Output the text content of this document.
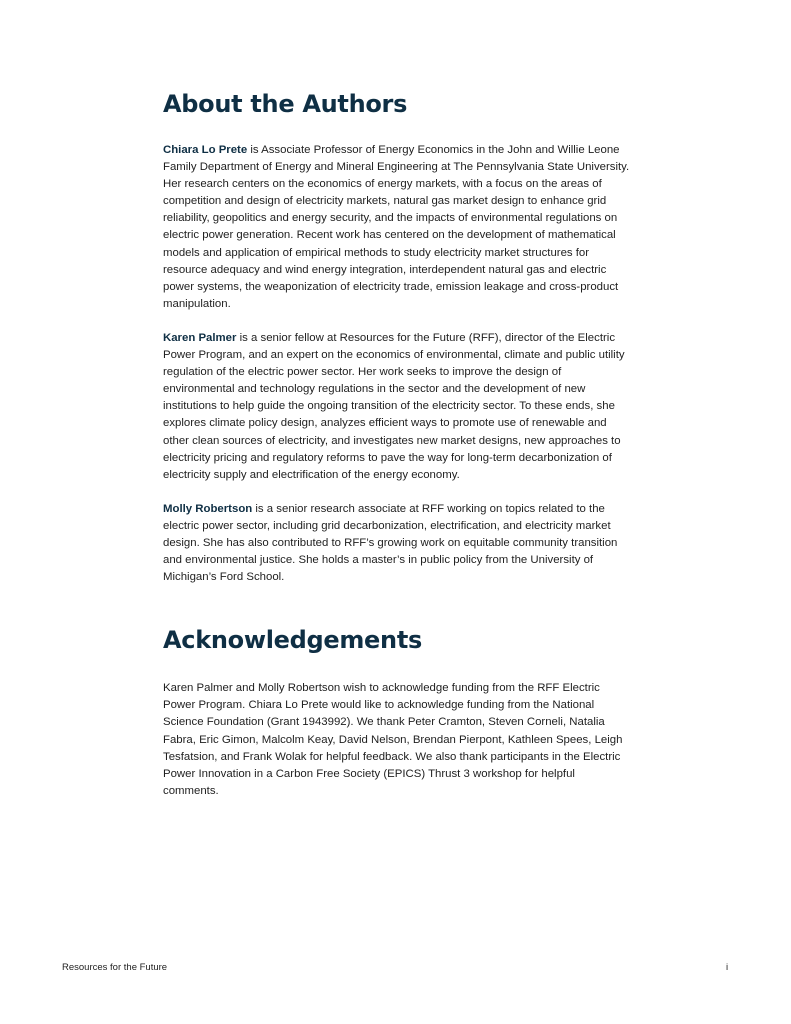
About the Authors

Chiara Lo Prete is Associate Professor of Energy Economics in the John and Willie Leone Family Department of Energy and Mineral Engineering at The Pennsylvania State University. Her research centers on the economics of energy markets, with a focus on the areas of competition and design of electricity markets, natural gas market design to enhance grid reliability, geopolitics and energy security, and the impacts of environmental regulations on electric power generation. Recent work has centered on the development of mathematical models and application of empirical methods to study electricity market structures for resource adequacy and wind energy integration, interdependent natural gas and electric power systems, the weaponization of electricity trade, emission leakage and cross-product manipulation.

Karen Palmer is a senior fellow at Resources for the Future (RFF), director of the Electric Power Program, and an expert on the economics of environmental, climate and public utility regulation of the electric power sector. Her work seeks to improve the design of environmental and technology regulations in the sector and the development of new institutions to help guide the ongoing transition of the electricity sector. To these ends, she explores climate policy design, analyzes efficient ways to promote use of renewable and other clean sources of electricity, and investigates new market designs, new approaches to electricity pricing and regulatory reforms to pave the way for long-term decarbonization of electricity supply and electrification of the energy economy.

Molly Robertson is a senior research associate at RFF working on topics related to the electric power sector, including grid decarbonization, electrification, and electricity market design. She has also contributed to RFF’s growing work on equitable community transition and environmental justice. She holds a master’s in public policy from the University of Michigan’s Ford School.

Acknowledgements

Karen Palmer and Molly Robertson wish to acknowledge funding from the RFF Electric Power Program. Chiara Lo Prete would like to acknowledge funding from the National Science Foundation (Grant 1943992). We thank Peter Cramton, Steven Corneli, Natalia Fabra, Eric Gimon, Malcolm Keay, David Nelson, Brendan Pierpont, Kathleen Spees, Leigh Tesfatsion, and Frank Wolak for helpful feedback. We also thank participants in the Electric Power Innovation in a Carbon Free Society (EPICS) Thrust 3 workshop for helpful comments.

Resources for the Future	i
